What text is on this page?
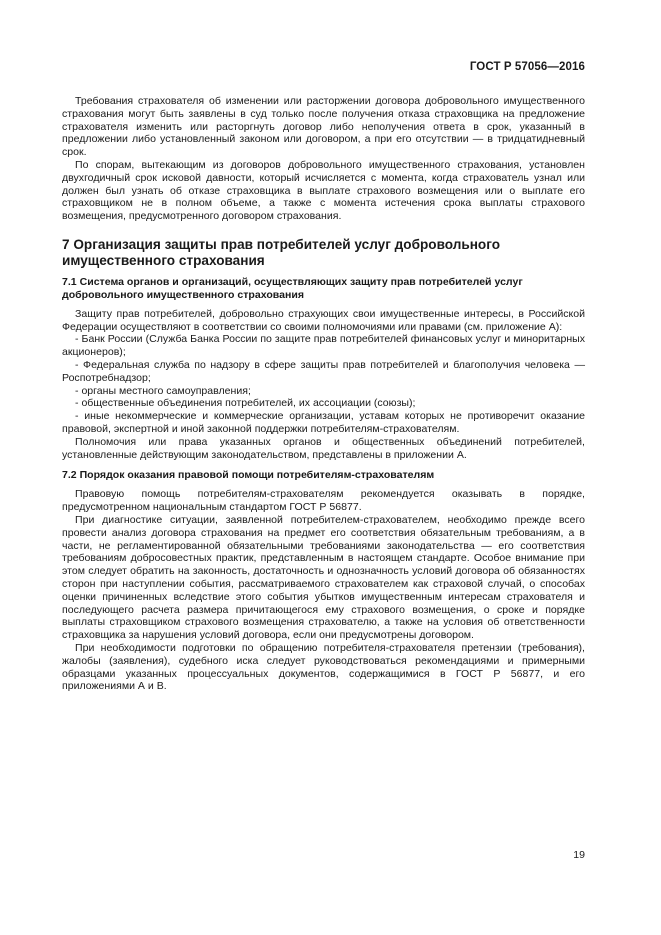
ГОСТ Р 57056—2016

Требования страхователя об изменении или расторжении договора добровольного имущественного страхования могут быть заявлены в суд только после получения отказа страховщика на предложение страхователя изменить или расторгнуть договор либо неполучения ответа в срок, указанный в предложении либо установленный законом или договором, а при его отсутствии — в тридцатидневный срок.

По спорам, вытекающим из договоров добровольного имущественного страхования, установлен двухгодичный срок исковой давности, который исчисляется с момента, когда страхователь узнал или должен был узнать об отказе страховщика в выплате страхового возмещения или о выплате его страховщиком не в полном объеме, а также с момента истечения срока выплаты страхового возмещения, предусмотренного договором страхования.

7 Организация защиты прав потребителей услуг добровольного
имущественного страхования
7.1 Система органов и организаций, осуществляющих защиту прав потребителей услуг
добровольного имущественного страхования

Защиту прав потребителей, добровольно страхующих свои имущественные интересы, в Российской Федерации осуществляют в соответствии со своими полномочиями или правами (см. приложение А):

- Банк России (Служба Банка России по защите прав потребителей финансовых услуг и миноритарных акционеров);

- Федеральная служба по надзору в сфере защиты прав потребителей и благополучия человека — Роспотребнадзор;

- органы местного самоуправления;

- общественные объединения потребителей, их ассоциации (союзы);

- иные некоммерческие и коммерческие организации, уставам которых не противоречит оказание правовой, экспертной и иной законной поддержки потребителям-страхователям.

Полномочия или права указанных органов и общественных объединений потребителей, установленные действующим законодательством, представлены в приложении А.

7.2 Порядок оказания правовой помощи потребителям-страхователям

Правовую помощь потребителям-страхователям рекомендуется оказывать в порядке, предусмотренном национальным стандартом ГОСТ Р 56877.

При диагностике ситуации, заявленной потребителем-страхователем, необходимо прежде всего провести анализ договора страхования на предмет его соответствия обязательным требованиям, а в части, не регламентированной обязательными требованиями законодательства — его соответствия требованиям добросовестных практик, представленным в настоящем стандарте. Особое внимание при этом следует обратить на законность, достаточность и однозначность условий договора об обязанностях сторон при наступлении события, рассматриваемого страхователем как страховой случай, о способах оценки причиненных вследствие этого события убытков имущественным интересам страхователя и последующего расчета размера причитающегося ему страхового возмещения, о сроке и порядке выплаты страховщиком страхового возмещения страхователю, а также на условия об ответственности страховщика за нарушения условий договора, если они предусмотрены договором.

При необходимости подготовки по обращению потребителя-страхователя претензии (требования), жалобы (заявления), судебного иска следует руководствоваться рекомендациями и примерными образцами указанных процессуальных документов, содержащимися в ГОСТ Р 56877, и его приложениями А и В.

19
